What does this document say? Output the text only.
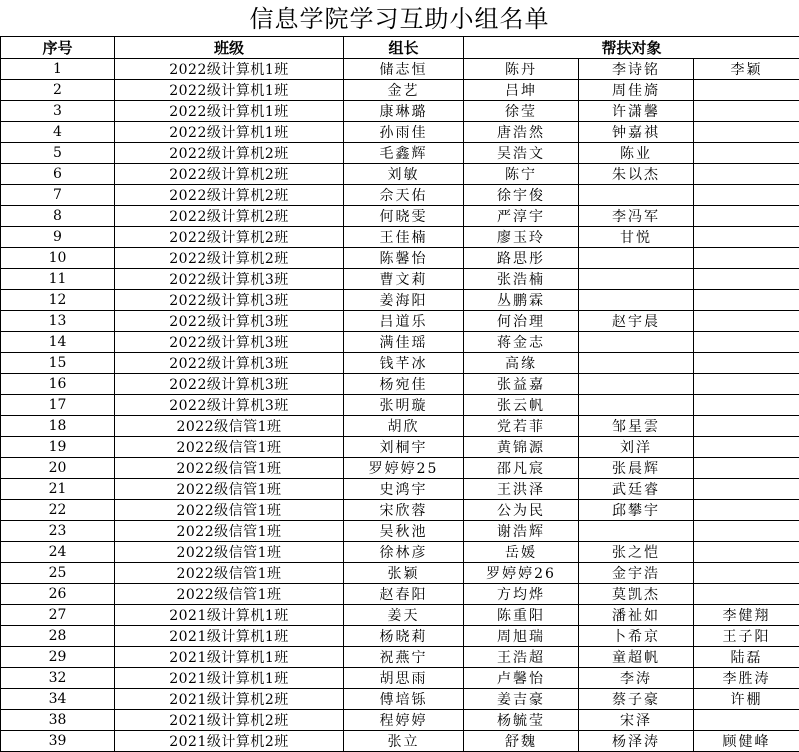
信息学院学习互助小组名单
序号	班级	组长	帮扶对象		
1	2022级计算机1班	储志恒	陈丹	李诗铭	李颖
2	2022级计算机1班	金艺	吕坤	周佳旖	
3	2022级计算机1班	康琳璐	徐莹	许潇馨	
4	2022级计算机1班	孙雨佳	唐浩然	钟嘉祺	
5	2022级计算机2班	毛鑫辉	吴浩文	陈业	
6	2022级计算机2班	刘敏	陈宁	朱以杰	
7	2022级计算机2班	佘天佑	徐宇俊		
8	2022级计算机2班	何晓雯	严淳宇	李冯军	
9	2022级计算机2班	王佳楠	廖玉玲	甘悦	
10	2022级计算机2班	陈馨怡	路思彤		
11	2022级计算机3班	曹文莉	张浩楠		
12	2022级计算机3班	姜海阳	丛鹏霖		
13	2022级计算机3班	吕道乐	何治理	赵宇晨	
14	2022级计算机3班	满佳瑶	蒋金志		
15	2022级计算机3班	钱芊冰	高缘		
16	2022级计算机3班	杨宛佳	张益嘉		
17	2022级计算机3班	张明璇	张云帆		
18	2022级信管1班	胡欣	党若菲	邹星雲	
19	2022级信管1班	刘桐宇	黄锦源	刘洋	
20	2022级信管1班	罗婷婷25	邵凡宸	张晨辉	
21	2022级信管1班	史鸿宇	王洪泽	武廷睿	
22	2022级信管1班	宋欣蓉	公为民	邱攀宇	
23	2022级信管1班	吴秋池	谢浩辉		
24	2022级信管1班	徐林彦	岳媛	张之恺	
25	2022级信管1班	张颖	罗婷婷26	金宇浩	
26	2022级信管1班	赵春阳	方均烨	莫凯杰	
27	2021级计算机1班	姜天	陈重阳	潘祉如	李健翔
28	2021级计算机1班	杨晓莉	周旭瑞	卜希京	王子阳
29	2021级计算机1班	祝燕宁	王浩超	童超帆	陆磊
32	2021级计算机1班	胡思雨	卢馨怡	李涛	李胜涛
34	2021级计算机2班	傅培铄	姜吉豪	蔡子豪	许棚
38	2021级计算机2班	程婷婷	杨毓莹	宋泽	
39	2021级计算机2班	张立	舒魏	杨泽涛	顾健峰
